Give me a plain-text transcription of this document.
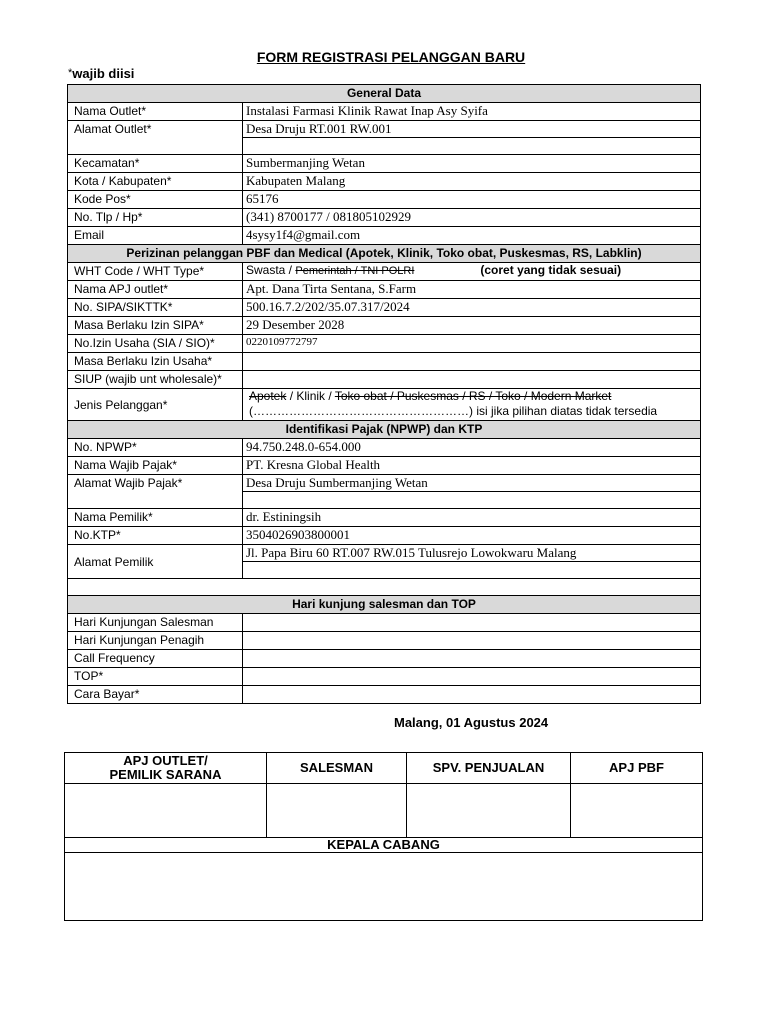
FORM REGISTRASI PELANGGAN BARU
*wajib diisi
General Data	
Nama Outlet*	Instalasi Farmasi Klinik Rawat Inap Asy Syifa
Alamat Outlet*	Desa Druju RT.001 RW.001

Kecamatan*	Sumbermanjing Wetan
Kota / Kabupaten*	Kabupaten Malang
Kode Pos*	65176
No. Tlp / Hp*	(341) 8700177 / 081805102929
Email	4sysy1f4@gmail.com
Perizinan pelanggan PBF dan Medical (Apotek, Klinik, Toko obat, Puskesmas, RS, Labklin)	
WHT Code / WHT Type*	Swasta / Pemerintah / TNI POLRI (coret yang tidak sesuai)
Nama APJ outlet*	Apt. Dana Tirta Sentana, S.Farm
No. SIPA/SIKTTK*	500.16.7.2/202/35.07.317/2024
Masa Berlaku Izin SIPA*	29 Desember 2028
No.Izin Usaha (SIA / SIO)*	0220109772797
Masa Berlaku Izin Usaha*	
SIUP (wajib unt wholesale)*	
Jenis Pelanggan*	Apotek / Klinik / Toko obat / Puskesmas / RS / Toko / Modern Market
(………………………………………………) isi jika pilihan diatas tidak tersedia

Identifikasi Pajak (NPWP) dan KTP	
No. NPWP*	94.750.248.0-654.000
Nama Wajib Pajak*	PT. Kresna Global Health
Alamat Wajib Pajak*	Desa Druju Sumbermanjing Wetan

Nama Pemilik*	dr. Estiningsih
No.KTP*	3504026903800001
Alamat Pemilik	Jl. Papa Biru 60 RT.007 RW.015 Tulusrejo Lowokwaru Malang

Hari kunjung salesman dan TOP	
Hari Kunjungan Salesman	
Hari Kunjungan Penagih	
Call Frequency	
TOP*	
Cara Bayar*	
Malang, 01 Agustus 2024
APJ OUTLET/
PEMILIK SARANA	SALESMAN	SPV. PENJUALAN	APJ PBF

KEPALA CABANG			
